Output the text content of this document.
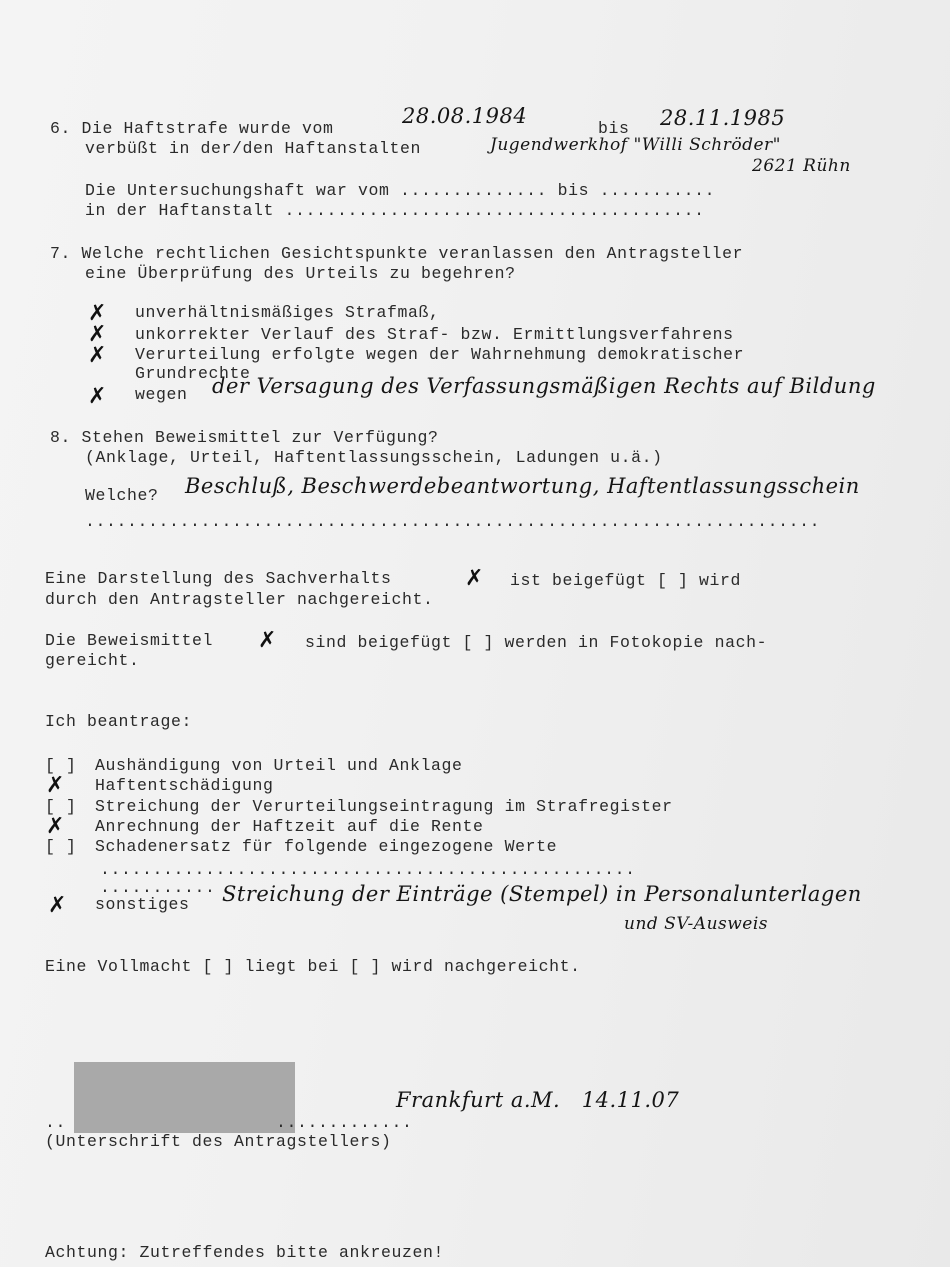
6. Die Haftstrafe wurde vom
28.08.1984
bis 28.11.1985
verbüßt in der/den Haftanstalten	Jugendwerkhof "Willi Schröder"
2621 Rühn
Die Untersuchungshaft war vom .............. bis ...........
in der Haftanstalt ........................................
7. Welche rechtlichen Gesichtspunkte veranlassen den Antragsteller
eine Überprüfung des Urteils zu begehren?
✗	unverhältnismäßiges Strafmaß,
✗	unkorrekter Verlauf des Straf- bzw. Ermittlungsverfahrens
✗	Verurteilung erfolgte wegen der Wahrnehmung demokratischer
Grundrechte
✗	wegen der Versagung des Verfassungsmäßigen Rechts auf Bildung
8. Stehen Beweismittel zur Verfügung?
(Anklage, Urteil, Haftentlassungsschein, Ladungen u.ä.)
Welche? Beschluß, Beschwerdebeantwortung, Haftentlassungsschein
......................................................................
Eine Darstellung des Sachverhalts	✗	ist beigefügt [ ] wird
durch den Antragsteller nachgereicht.
Die Beweismittel ✗	sind beigefügt [ ] werden in Fotokopie nach-
gereicht.
Ich beantrage:
[ ] Aushändigung von Urteil und Anklage
✗	Haftentschädigung
[ ] Streichung der Verurteilungseintragung im Strafregister
✗	Anrechnung der Haftzeit auf die Rente
[ ] Schadenersatz für folgende eingezogene Werte
...................................................
...........
✗	sonstiges Streichung der Einträge (Stempel) in Personalunterlagen
und SV-Ausweis
Eine Vollmacht [ ] liegt bei [ ] wird nachgereicht.
..                    .............
Frankfurt a.M.   14.11.07
(Unterschrift des Antragstellers)
Achtung: Zutreffendes bitte ankreuzen!
